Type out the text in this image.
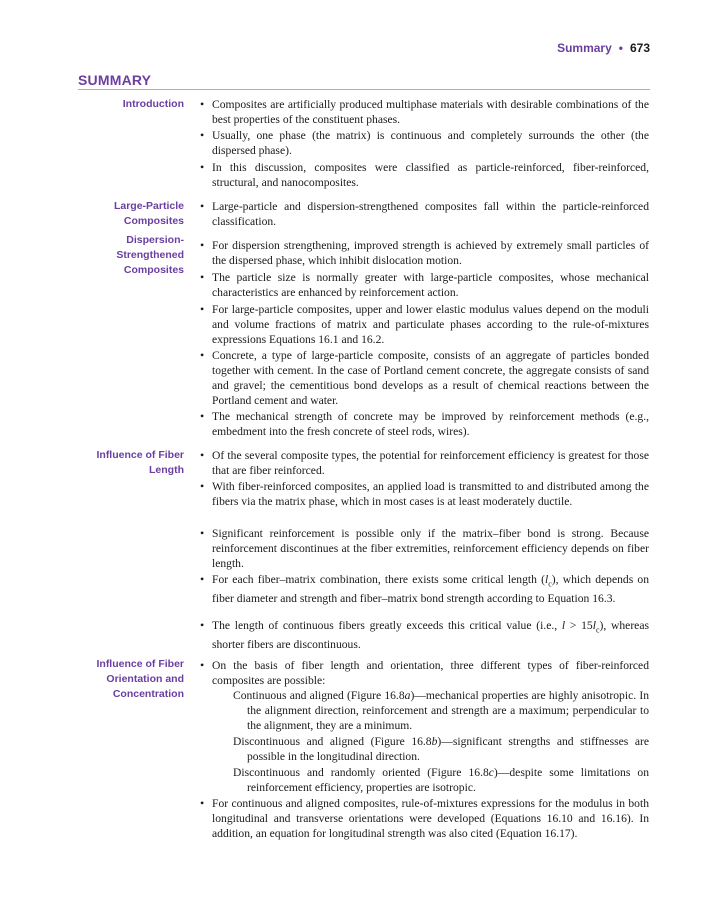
Summary • 673
SUMMARY
Introduction
• Composites are artificially produced multiphase materials with desirable combinations of the best properties of the constituent phases.
• Usually, one phase (the matrix) is continuous and completely surrounds the other (the dispersed phase).
• In this discussion, composites were classified as particle-reinforced, fiber-reinforced, structural, and nanocomposites.
Large-Particle Composites
• Large-particle and dispersion-strengthened composites fall within the particle-reinforced classification.
Dispersion- Strengthened Composites
• For dispersion strengthening, improved strength is achieved by extremely small particles of the dispersed phase, which inhibit dislocation motion.
• The particle size is normally greater with large-particle composites, whose mechanical characteristics are enhanced by reinforcement action.
• For large-particle composites, upper and lower elastic modulus values depend on the moduli and volume fractions of matrix and particulate phases according to the rule-of-mixtures expressions Equations 16.1 and 16.2.
• Concrete, a type of large-particle composite, consists of an aggregate of particles bonded together with cement. In the case of Portland cement concrete, the aggregate consists of sand and gravel; the cementitious bond develops as a result of chemical reactions between the Portland cement and water.
• The mechanical strength of concrete may be improved by reinforcement methods (e.g., embedment into the fresh concrete of steel rods, wires).
Influence of Fiber Length
• Of the several composite types, the potential for reinforcement efficiency is greatest for those that are fiber reinforced.
• With fiber-reinforced composites, an applied load is transmitted to and distributed among the fibers via the matrix phase, which in most cases is at least moderately ductile.
• Significant reinforcement is possible only if the matrix–fiber bond is strong. Because reinforcement discontinues at the fiber extremities, reinforcement efficiency depends on fiber length.
• For each fiber–matrix combination, there exists some critical length $(l_c)$, which depends on fiber diameter and strength and fiber–matrix bond strength according to Equation 16.3.
• The length of continuous fibers greatly exceeds this critical value (i.e., $l > 15l_c$), whereas shorter fibers are discontinuous.
Influence of Fiber Orientation and Concentration
• On the basis of fiber length and orientation, three different types of fiber-reinforced composites are possible:
Continuous and aligned (Figure 16.8a)—mechanical properties are highly anisotropic. In the alignment direction, reinforcement and strength are a maximum; perpendicular to the alignment, they are a minimum.
Discontinuous and aligned (Figure 16.8b)—significant strengths and stiffnesses are possible in the longitudinal direction.
Discontinuous and randomly oriented (Figure 16.8c)—despite some limitations on reinforcement efficiency, properties are isotropic.
• For continuous and aligned composites, rule-of-mixtures expressions for the modulus in both longitudinal and transverse orientations were developed (Equations 16.10 and 16.16). In addition, an equation for longitudinal strength was also cited (Equation 16.17).
